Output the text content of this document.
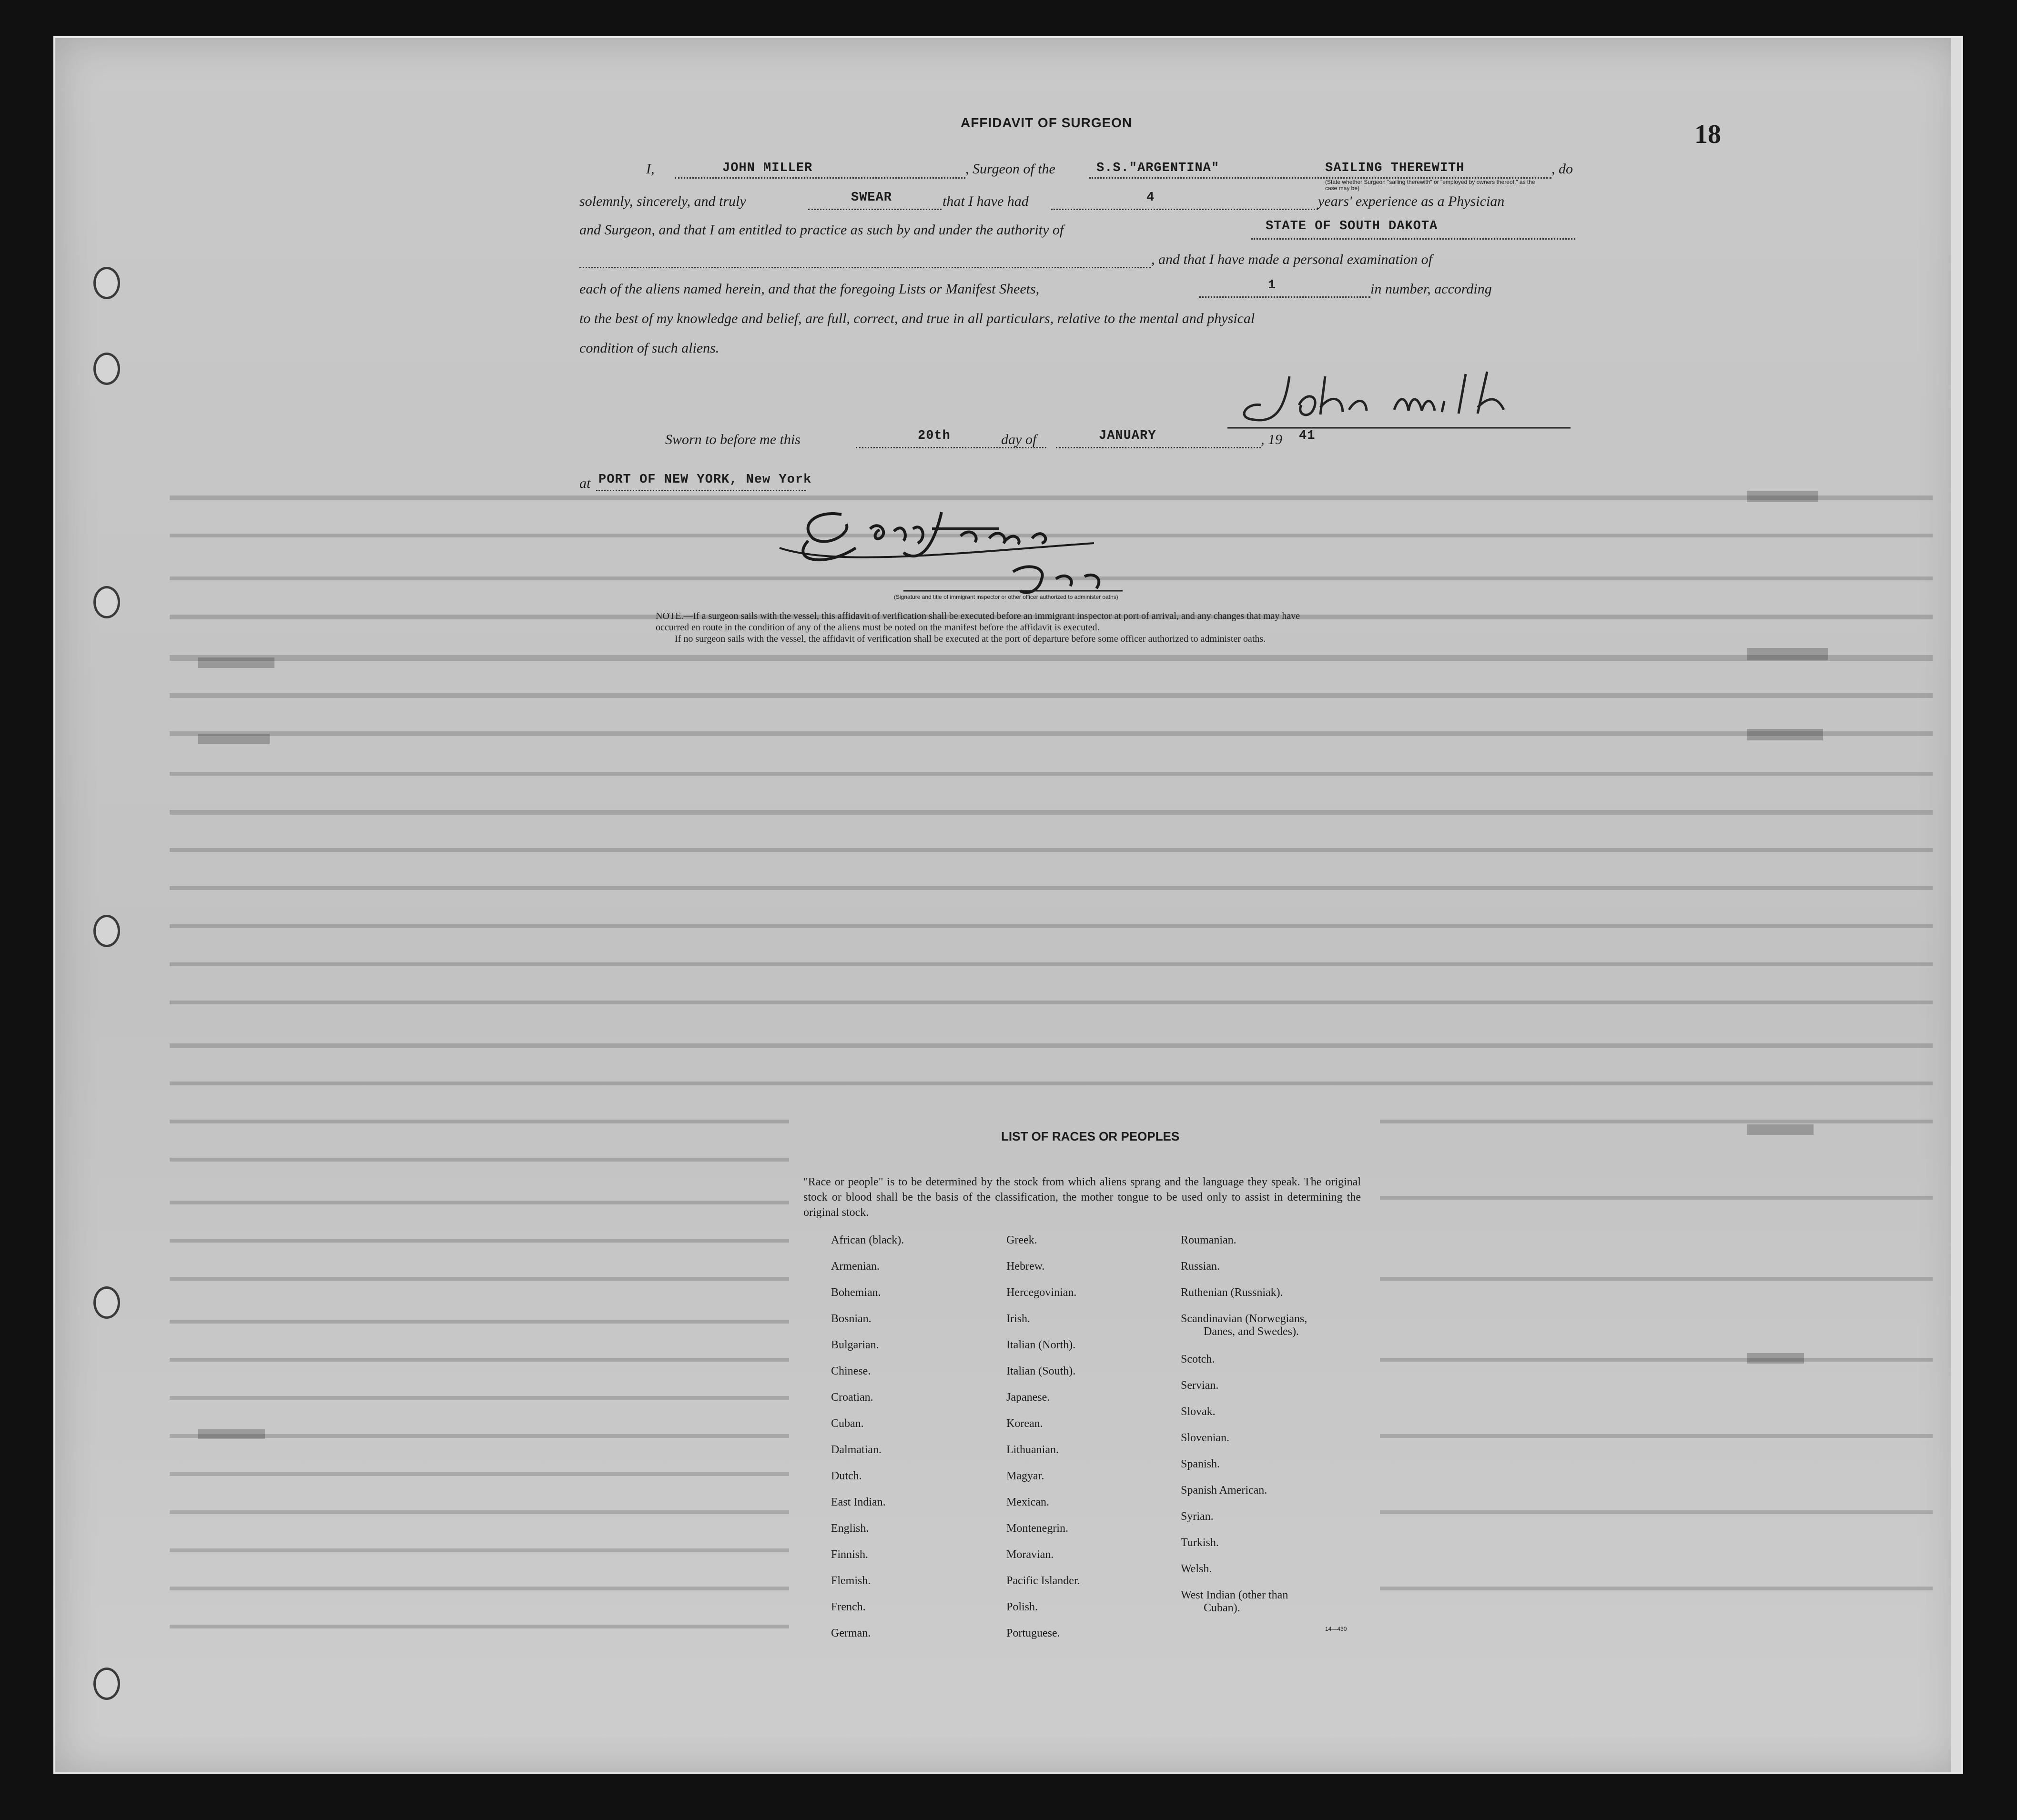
18
AFFIDAVIT OF SURGEON
I,	JOHN MILLER	, Surgeon of the	S.S."ARGENTINA"	SAILING THEREWITH	, do
(State whether Surgeon "sailing therewith" or "employed by owners thereof," as the case may be)
solemnly, sincerely, and truly	SWEAR	that I have had	4	years' experience as a Physician
and Surgeon, and that I am entitled to practice as such by and under the authority of	STATE OF SOUTH DAKOTA
, and that I have made a personal examination of
each of the aliens named herein, and that the foregoing Lists or Manifest Sheets,	1	in number, according
to the best of my knowledge and belief, are full, correct, and true in all particulars, relative to the mental and physical
condition of such aliens.
Sworn to before me this	20th	day of	JANUARY	, 19 41
at PORT OF NEW YORK, New York
(Signature and title of immigrant inspector or other officer authorized to administer oaths)
NOTE.—If a surgeon sails with the vessel, this affidavit of verification shall be executed before an immigrant inspector at port of arrival, and any changes that may have
occurred en route in the condition of any of the aliens must be noted on the manifest before the affidavit is executed.
If no surgeon sails with the vessel, the affidavit of verification shall be executed at the port of departure before some officer authorized to administer oaths.
LIST OF RACES OR PEOPLES
"Race or people" is to be determined by the stock from which aliens sprang and the language they speak. The original stock or blood shall be the basis of the classification, the mother tongue to be used only to assist in determining the original stock.
African (black).
Armenian.
Bohemian.
Bosnian.
Bulgarian.
Chinese.
Croatian.
Cuban.
Dalmatian.
Dutch.
East Indian.
English.
Finnish.
Flemish.
French.
German.
Greek.
Hebrew.
Hercegovinian.
Irish.
Italian (North).
Italian (South).
Japanese.
Korean.
Lithuanian.
Magyar.
Mexican.
Montenegrin.
Moravian.
Pacific Islander.
Polish.
Portuguese.
Roumanian.
Russian.
Ruthenian (Russniak).
Scandinavian (Norwegians,
Danes, and Swedes).
Scotch.
Servian.
Slovak.
Slovenian.
Spanish.
Spanish American.
Syrian.
Turkish.
Welsh.
West Indian (other than
Cuban).
14—430
